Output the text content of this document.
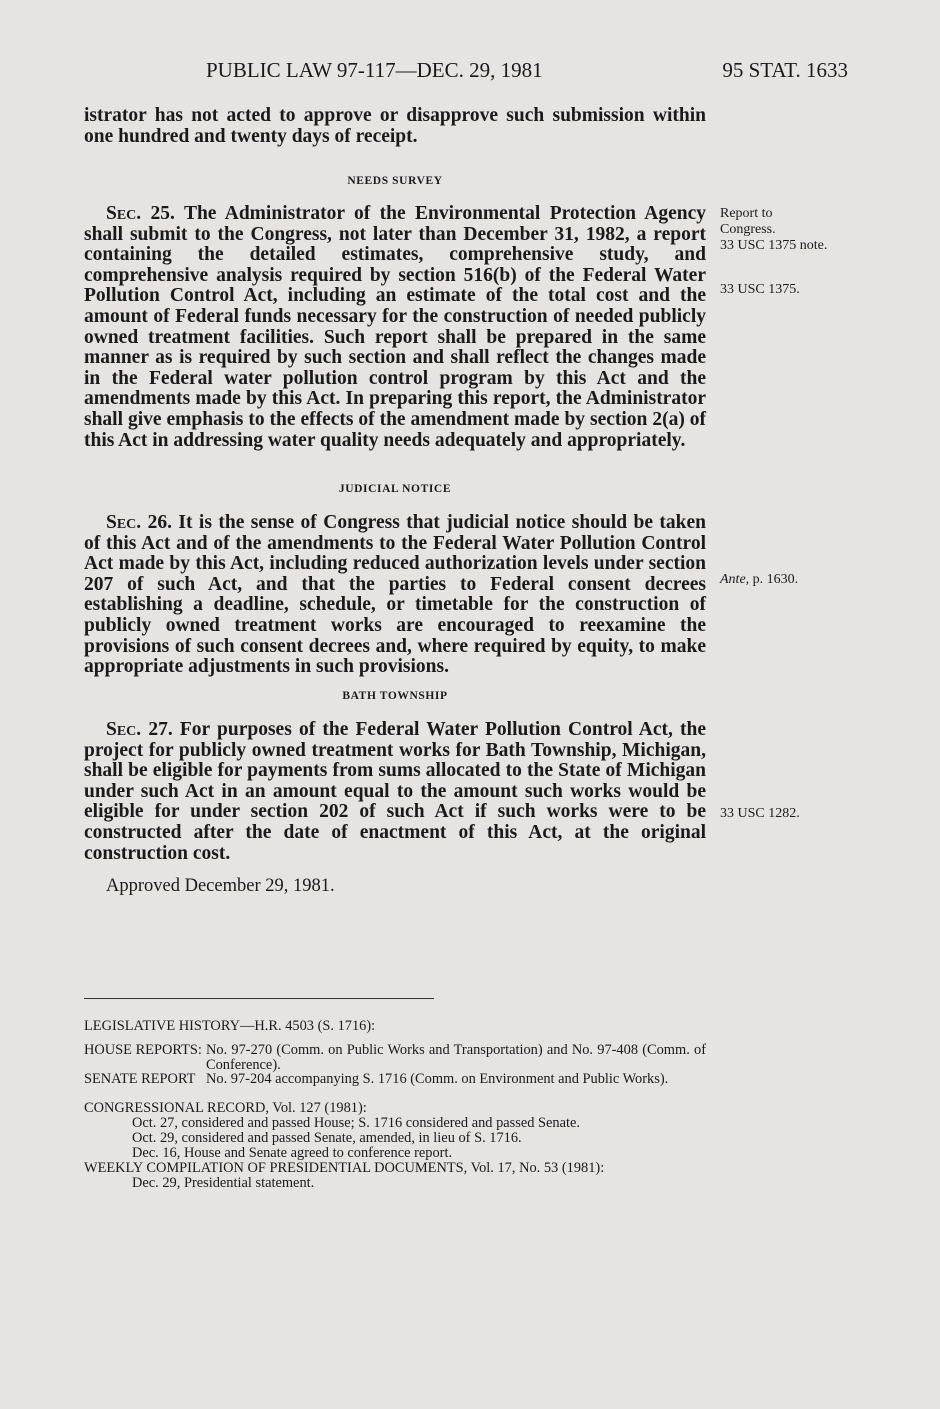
PUBLIC LAW 97-117—DEC. 29, 1981	95 STAT. 1633

istrator has not acted to approve or disapprove such submission within one hundred and twenty days of receipt.

NEEDS SURVEY

Sec. 25. The Administrator of the Environmental Protection Agency shall submit to the Congress, not later than December 31, 1982, a report containing the detailed estimates, comprehensive study, and comprehensive analysis required by section 516(b) of the Federal Water Pollution Control Act, including an estimate of the total cost and the amount of Federal funds necessary for the construction of needed publicly owned treatment facilities. Such report shall be prepared in the same manner as is required by such section and shall reflect the changes made in the Federal water pollution control program by this Act and the amendments made by this Act. In preparing this report, the Administrator shall give emphasis to the effects of the amendment made by section 2(a) of this Act in addressing water quality needs adequately and appropriately.

JUDICIAL NOTICE

Sec. 26. It is the sense of Congress that judicial notice should be taken of this Act and of the amendments to the Federal Water Pollution Control Act made by this Act, including reduced authorization levels under section 207 of such Act, and that the parties to Federal consent decrees establishing a deadline, schedule, or timetable for the construction of publicly owned treatment works are encouraged to reexamine the provisions of such consent decrees and, where required by equity, to make appropriate adjustments in such provisions.

BATH TOWNSHIP

Sec. 27. For purposes of the Federal Water Pollution Control Act, the project for publicly owned treatment works for Bath Township, Michigan, shall be eligible for payments from sums allocated to the State of Michigan under such Act in an amount equal to the amount such works would be eligible for under section 202 of such Act if such works were to be constructed after the date of enactment of this Act, at the original construction cost.

Report to Congress.
33 USC 1375 note.
33 USC 1375.
Ante, p. 1630.
33 USC 1282.
Approved December 29, 1981.
LEGISLATIVE HISTORY—H.R. 4503 (S. 1716):
HOUSE REPORTS: No. 97-270 (Comm. on Public Works and Transportation) and No. 97-408 (Comm. of Conference).
SENATE REPORT No. 97-204 accompanying S. 1716 (Comm. on Environment and Public Works).
CONGRESSIONAL RECORD, Vol. 127 (1981):
Oct. 27, considered and passed House; S. 1716 considered and passed Senate.
Oct. 29, considered and passed Senate, amended, in lieu of S. 1716.
Dec. 16, House and Senate agreed to conference report.
WEEKLY COMPILATION OF PRESIDENTIAL DOCUMENTS, Vol. 17, No. 53 (1981):
Dec. 29, Presidential statement.
